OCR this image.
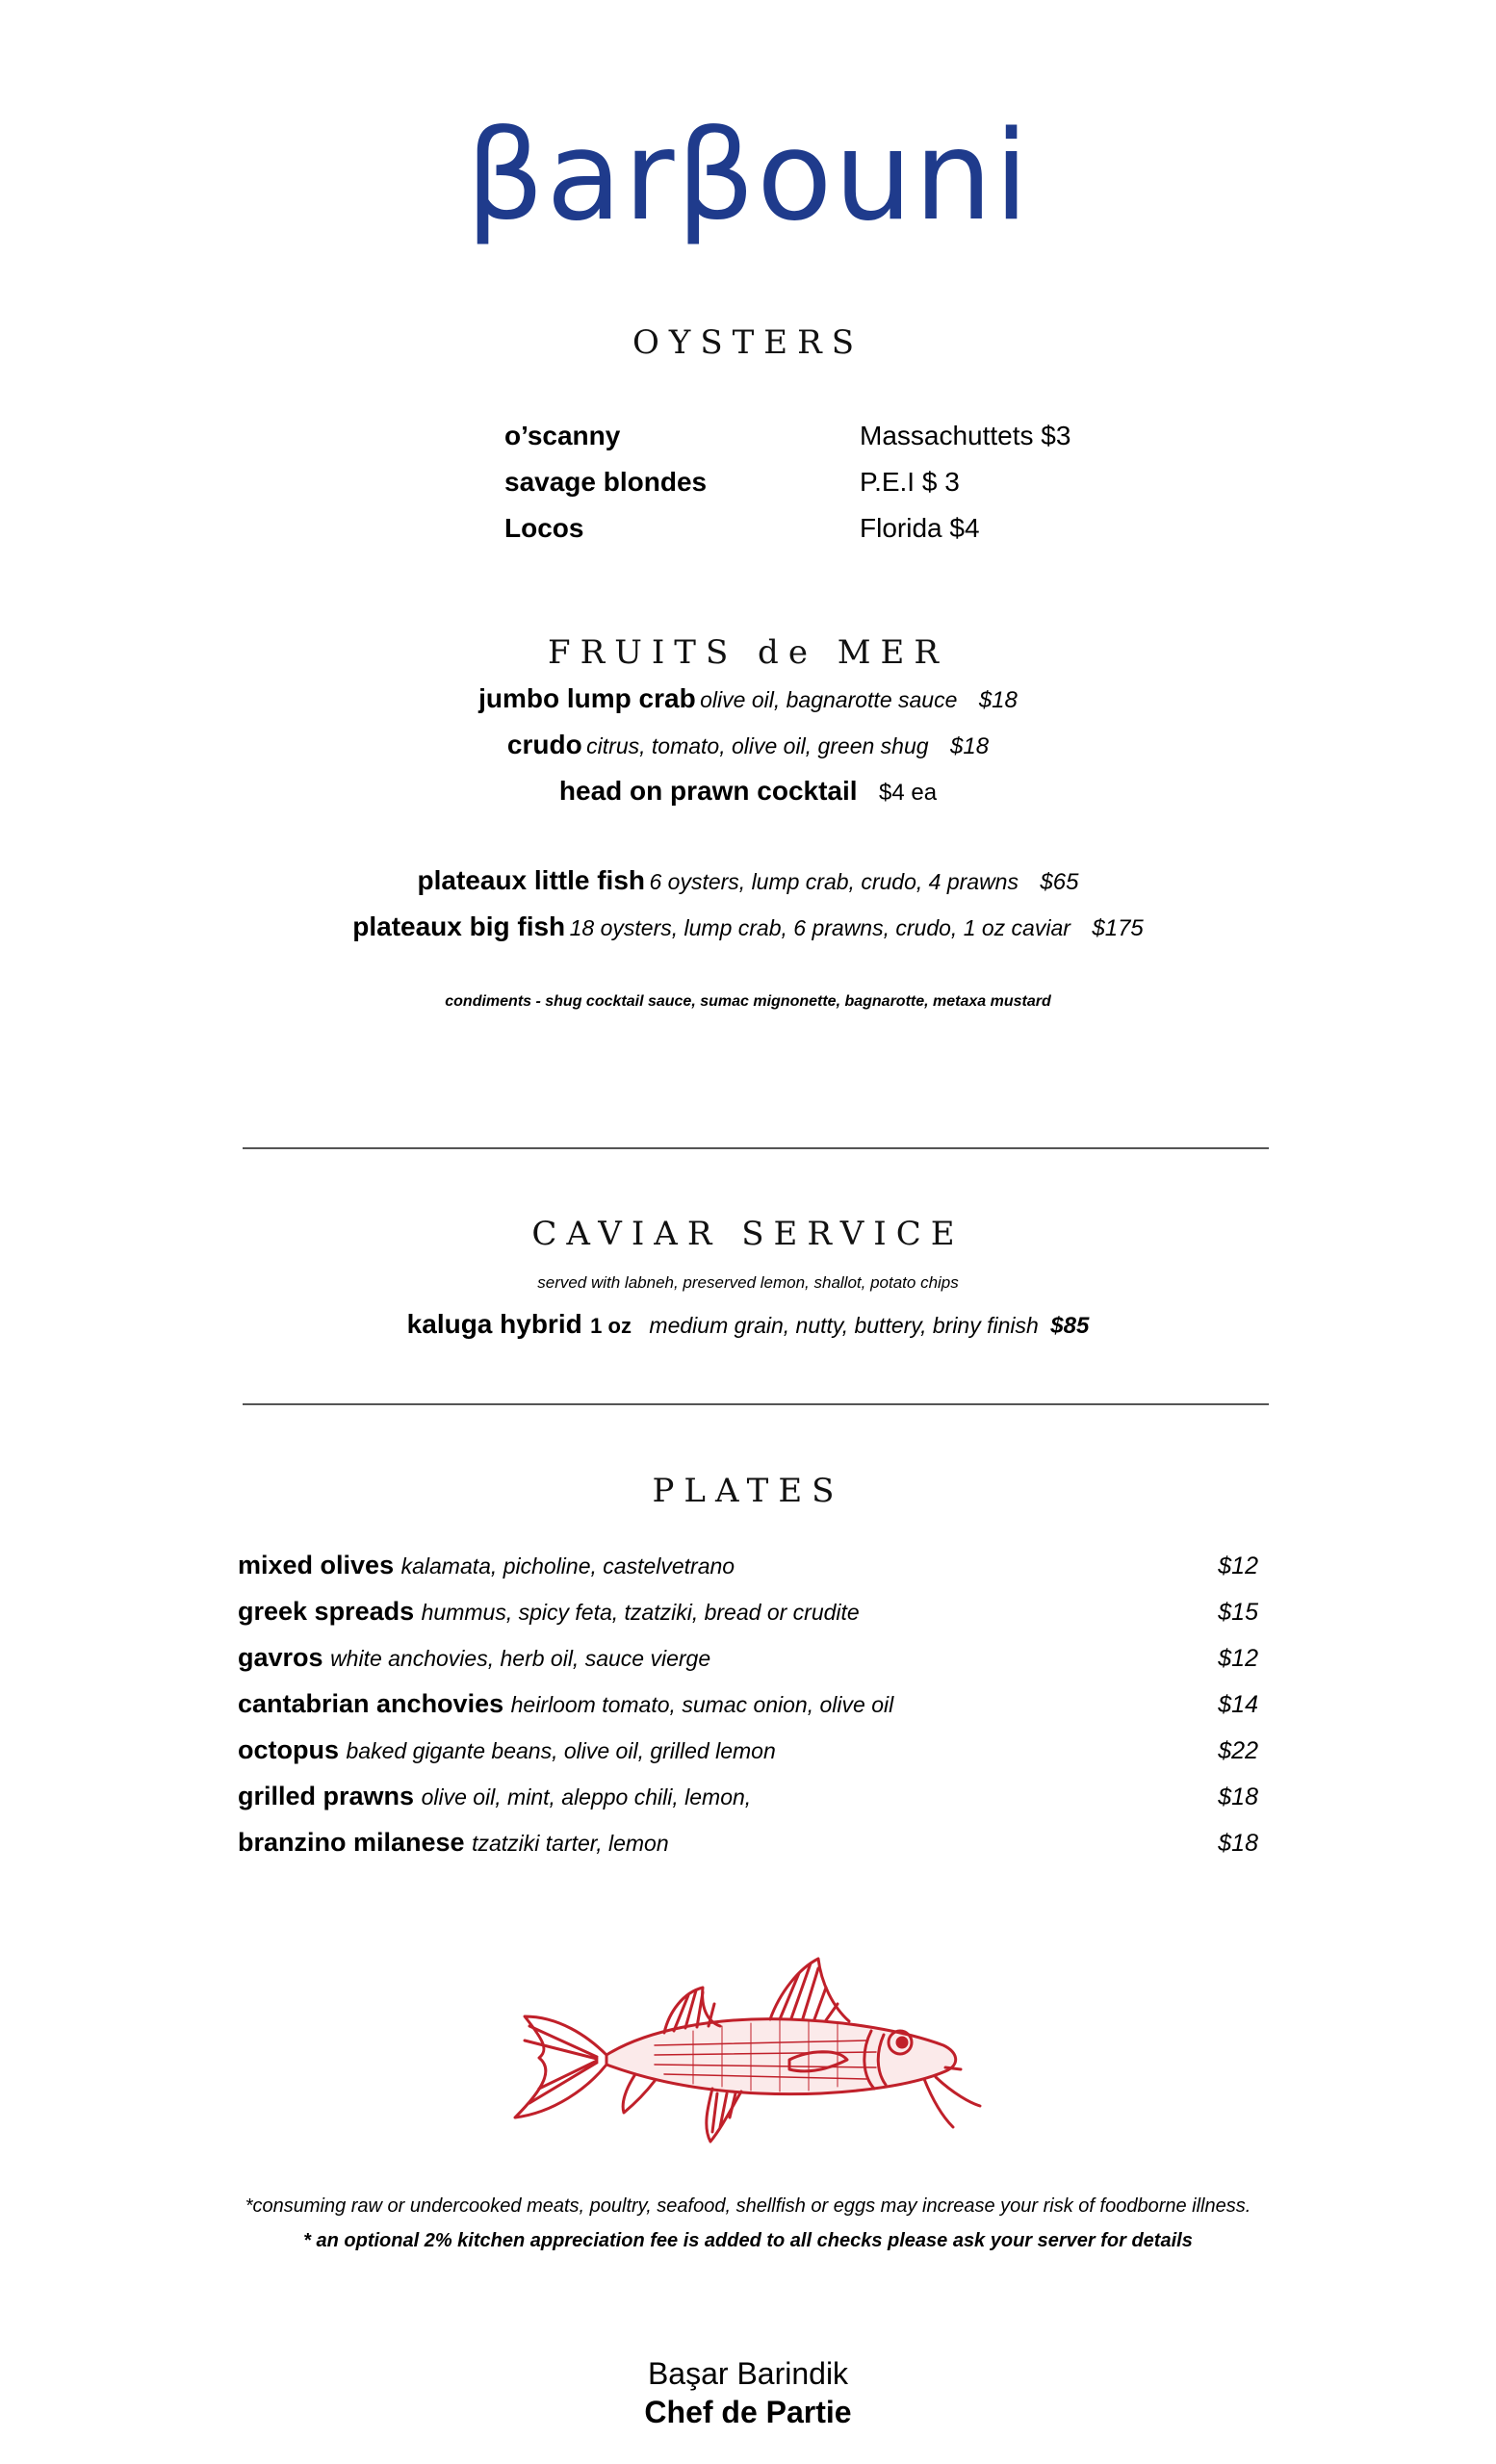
βarβouni
OYSTERS
o’scanny	Massachuttets $3
savage blondes	P.E.I $ 3
Locos	Florida $4
FRUITS de MER
jumbo lump crab olive oil, bagnarotte sauce $18
crudo citrus, tomato, olive oil, green shug $18
head on prawn cocktail $4 ea
plateaux little fish 6 oysters, lump crab, crudo, 4 prawns $65
plateaux big fish 18 oysters, lump crab, 6 prawns, crudo, 1 oz caviar $175
condiments - shug cocktail sauce, sumac mignonette, bagnarotte, metaxa mustard
CAVIAR SERVICE
served with labneh, preserved lemon, shallot, potato chips
kaluga hybrid 1 oz medium grain, nutty, buttery, briny finish $85
PLATES
mixed olives kalamata, picholine, castelvetrano	$12
greek spreads hummus, spicy feta, tzatziki, bread or crudite	$15
gavros white anchovies, herb oil, sauce vierge	$12
cantabrian anchovies heirloom tomato, sumac onion, olive oil	$14
octopus baked gigante beans, olive oil, grilled lemon	$22
grilled prawns olive oil, mint, aleppo chili, lemon,	$18
branzino milanese tzatziki tarter, lemon	$18
*consuming raw or undercooked meats, poultry, seafood, shellfish or eggs may increase your risk of foodborne illness.
* an optional 2% kitchen appreciation fee is added to all checks please ask your server for details
Başar Barindik
Chef de Partie
